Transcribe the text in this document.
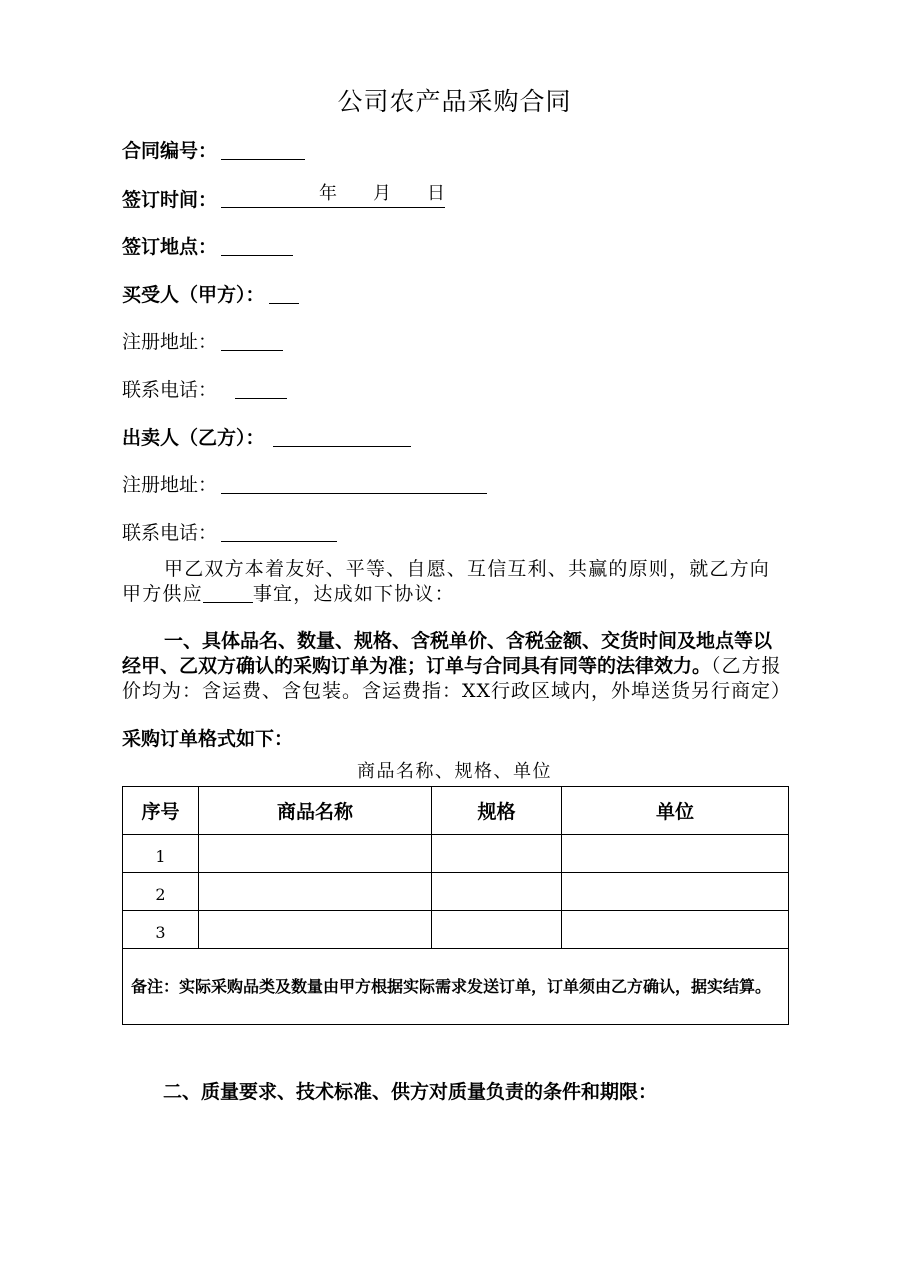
公司农产品采购合同
合同编号：
签订时间：	年 月 日
签订地点：
买受人（甲方）：
注册地址：
联系电话：
出卖人（乙方）：
注册地址：
联系电话：
甲乙双方本着友好、平等、自愿、互信互利、共赢的原则，就乙方向甲方供应	事宜，达成如下协议：
一、具体品名、数量、规格、含税单价、含税金额、交货时间及地点等以经甲、乙双方确认的采购订单为准；订单与合同具有同等的法律效力。（乙方报价均为：含运费、含包装。含运费指：XX行政区域内，外埠送货另行商定）
采购订单格式如下：
商品名称、规格、单位
序号	商品名称	规格	单位
1			
2			
3			
备注：实际采购品类及数量由甲方根据实际需求发送订单，订单须由乙方确认，据实结算。			
二、质量要求、技术标准、供方对质量负责的条件和期限：
